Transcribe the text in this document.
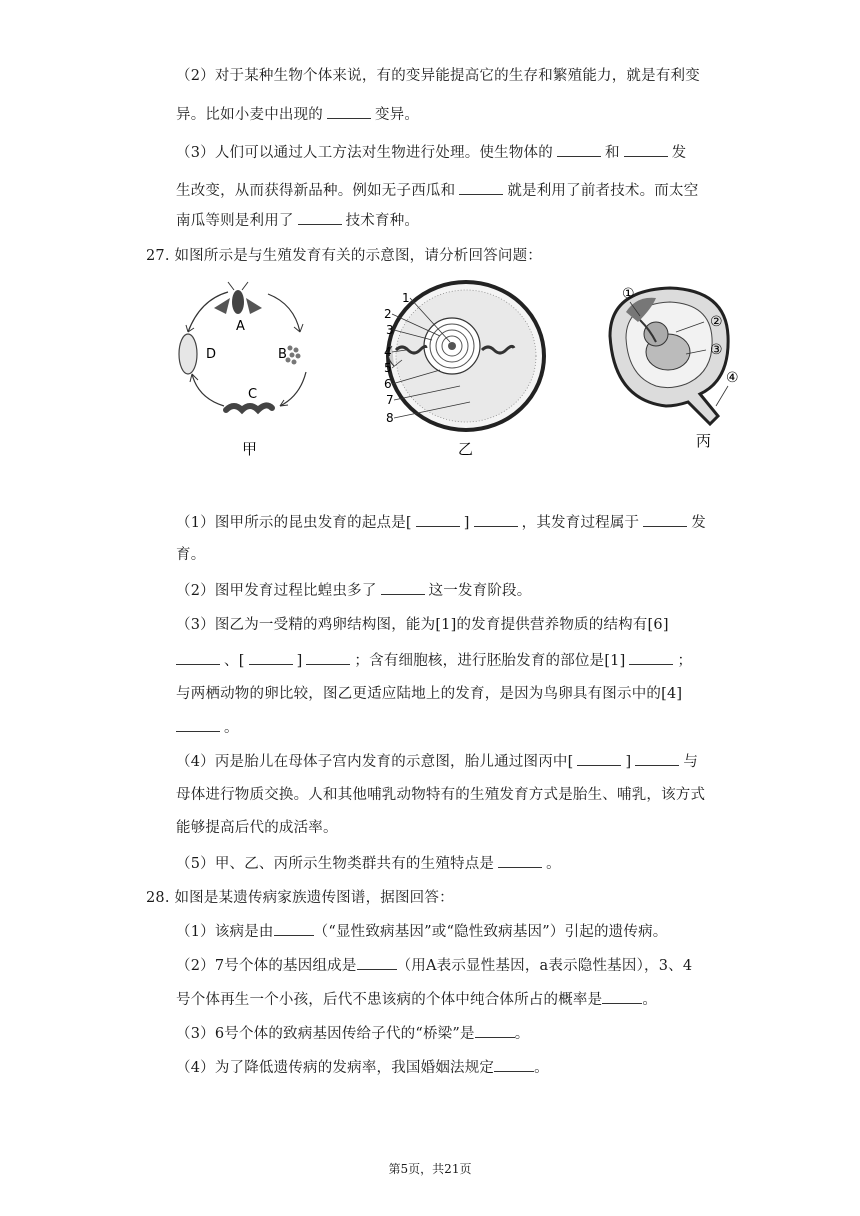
（2）对于某种生物个体来说，有的变异能提高它的生存和繁殖能力，就是有利变
异。比如小麦中出现的	变异。
（3）人们可以通过人工方法对生物进行处理。使生物体的	和	发
生改变，从而获得新品种。例如无子西瓜和	就是利用了前者技术。而太空
南瓜等则是利用了	技术育种。
27. 如图所示是与生殖发育有关的示意图，请分析回答问题：
A
B
C
D
甲
1
2
3
4
5
6
7
8
乙
①
②
③
④
丙
（1）图甲所示的昆虫发育的起点是[	]	，其发育过程属于	发
育。
（2）图甲发育过程比蝗虫多了	这一发育阶段。
（3）图乙为一受精的鸡卵结构图，能为[1]的发育提供营养物质的结构有[6]
、[	]	；含有细胞核，进行胚胎发育的部位是[1]	；
与两栖动物的卵比较，图乙更适应陆地上的发育，是因为鸟卵具有图示中的[4]
。
（4）丙是胎儿在母体子宫内发育的示意图，胎儿通过图丙中[	]	与
母体进行物质交换。人和其他哺乳动物特有的生殖发育方式是胎生、哺乳，该方式
能够提高后代的成活率。
（5）甲、乙、丙所示生物类群共有的生殖特点是	。
28. 如图是某遗传病家族遗传图谱，据图回答：
（1）该病是由	（“显性致病基因”或“隐性致病基因”）引起的遗传病。
（2）7号个体的基因组成是	（用A表示显性基因，a表示隐性基因），3、4
号个体再生一个小孩，后代不患该病的个体中纯合体所占的概率是	。
（3）6号个体的致病基因传给子代的“桥梁”是	。
（4）为了降低遗传病的发病率，我国婚姻法规定	。
第5页，共21页
